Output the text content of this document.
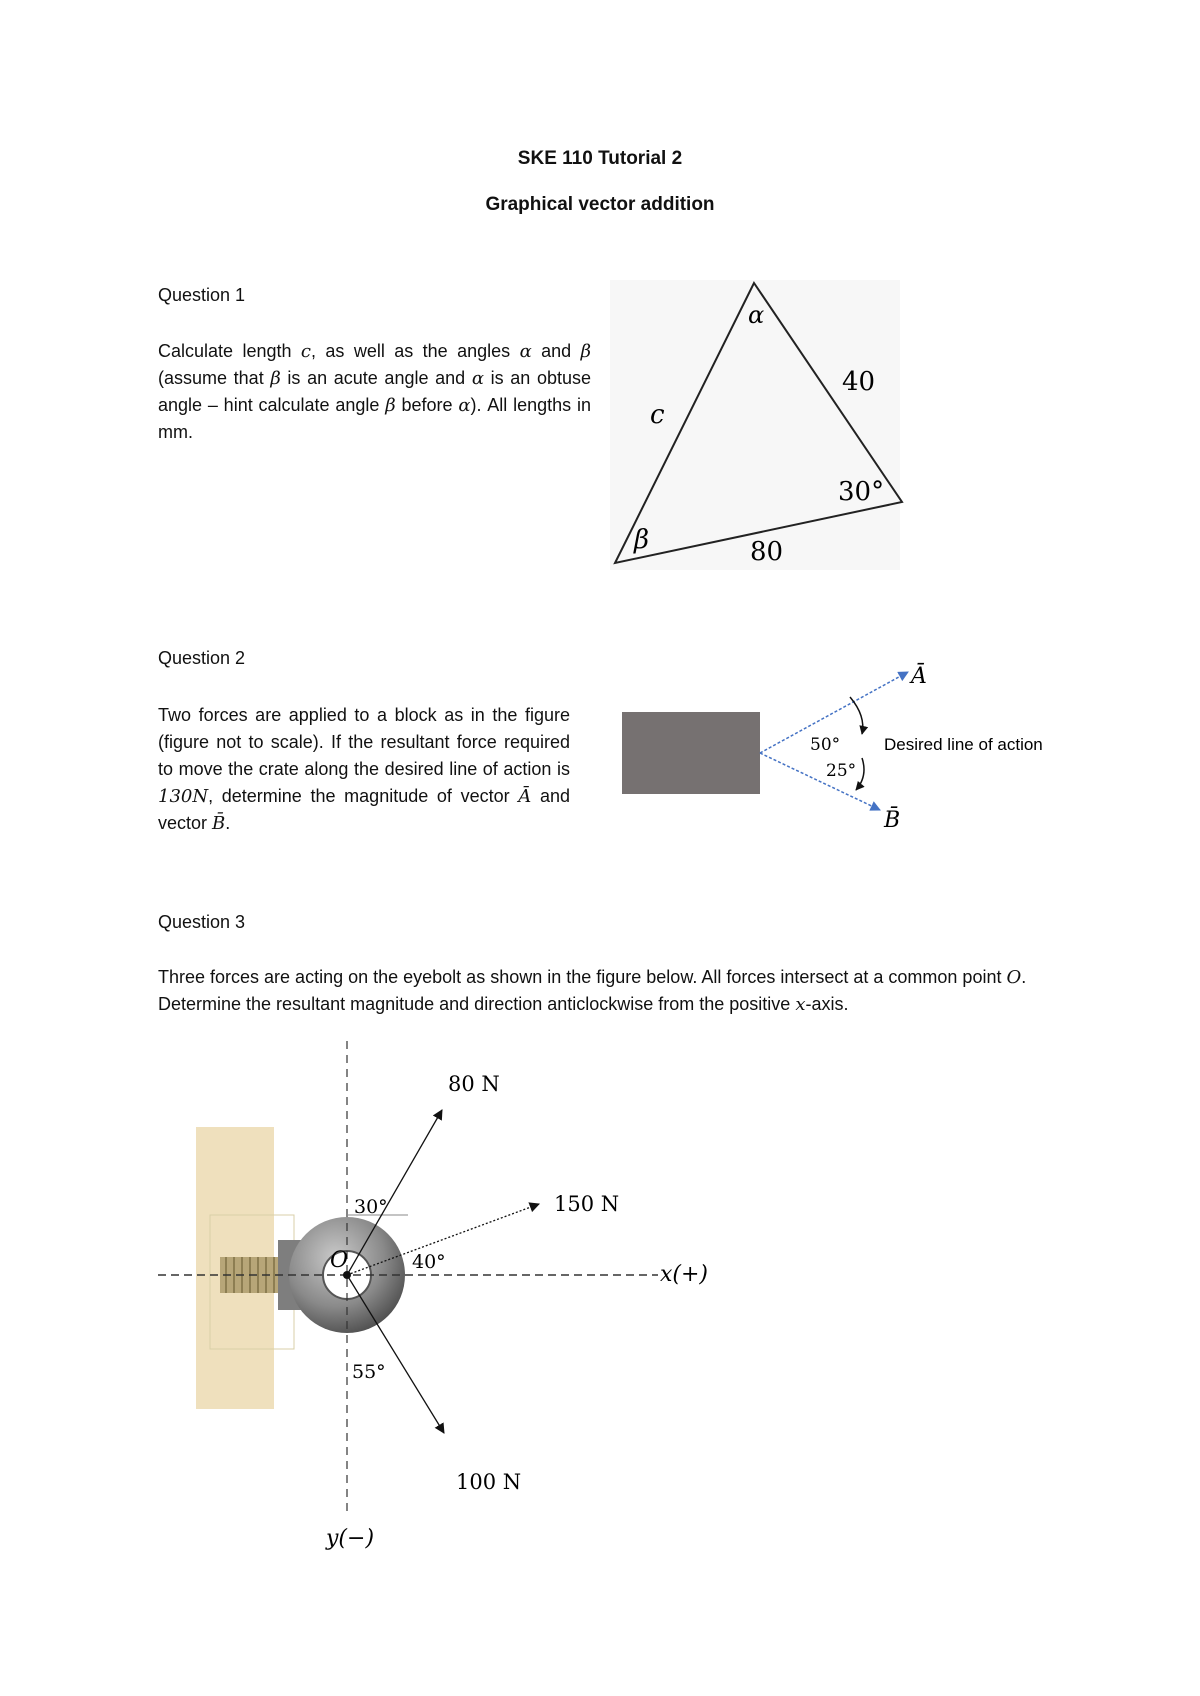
SKE 110 Tutorial 2
Graphical vector addition
Question 1
Calculate length c, as well as the angles α and β (assume that β is an acute angle and α is an obtuse angle – hint calculate angle β before α). All lengths in mm.
α
40
c
30°
β	80
Question 2
Two forces are applied to a block as in the figure (figure not to scale). If the resultant force required to move the crate along the desired line of action is 130N, determine the magnitude of vector Ā and vector B̄.
Ā
B̄
50°
25°
Desired line of action
Question 3
Three forces are acting on the eyebolt as shown in the figure below. All forces intersect at a common point O. Determine the resultant magnitude and direction anticlockwise from the positive x-axis.
80 N
150 N
100 N
30°
40°
55°
O
x(+)
y(−)
